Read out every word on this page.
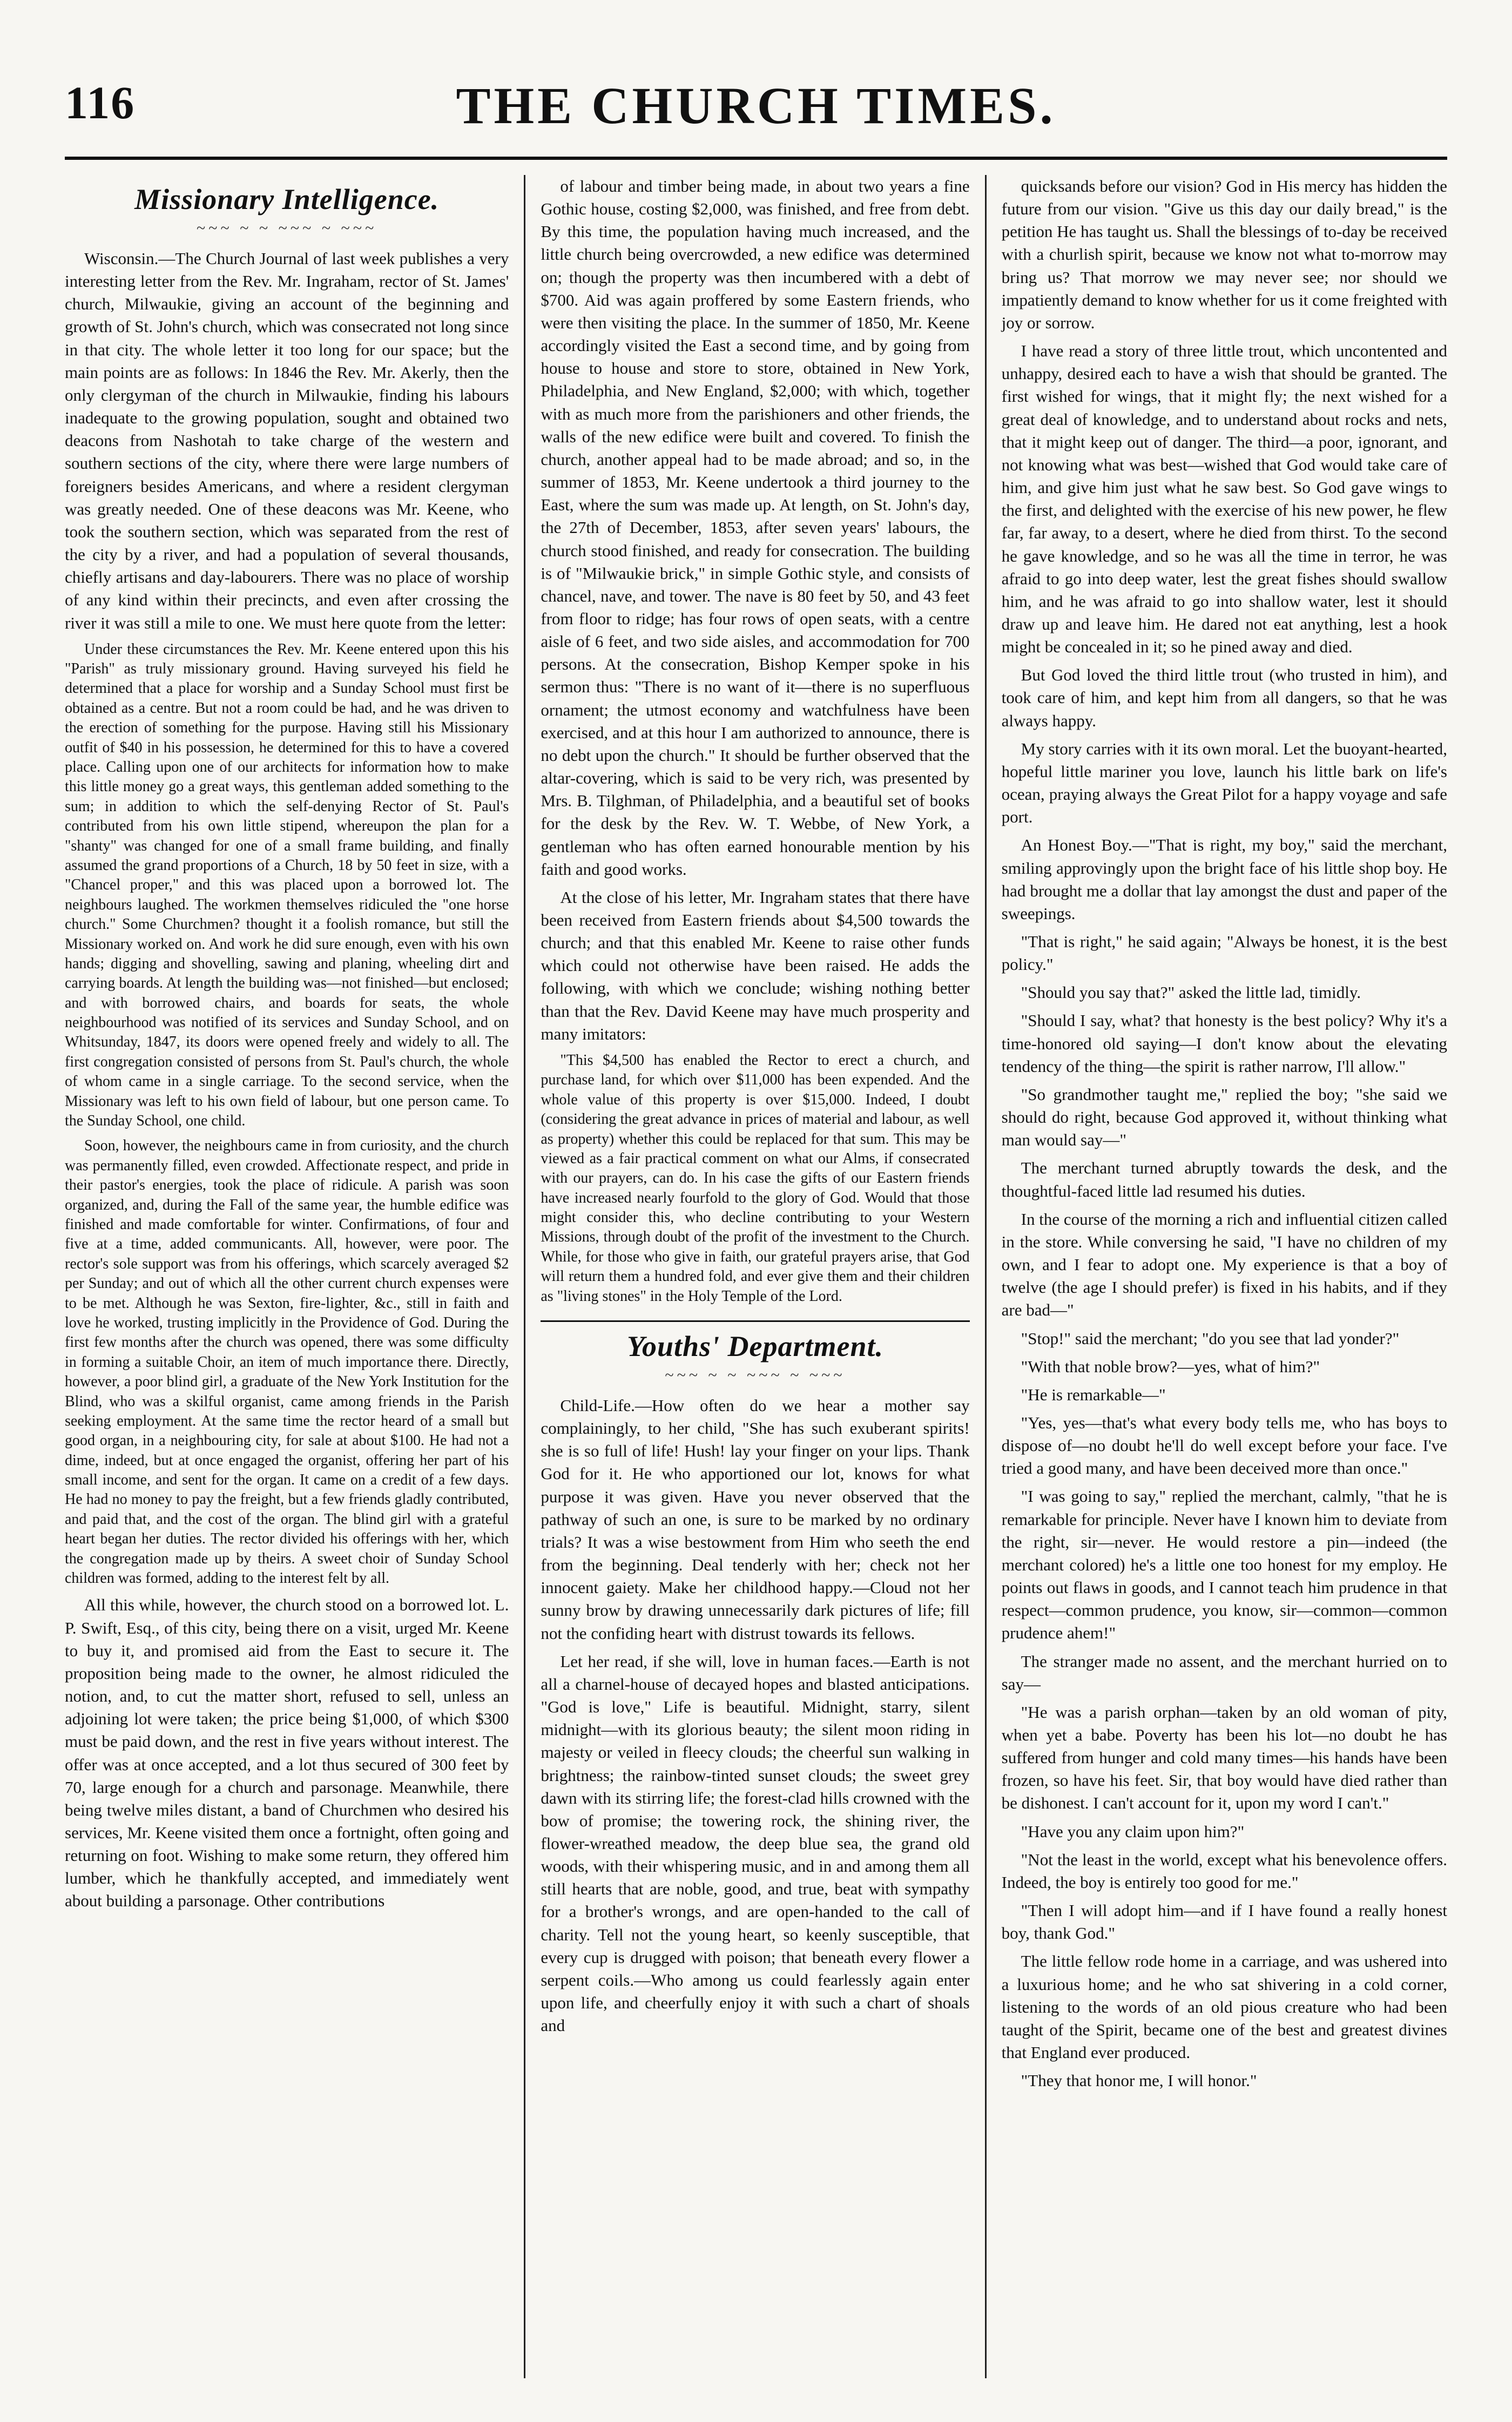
116	THE CHURCH TIMES.
Missionary Intelligence.
~~~ ~ ~ ~~~ ~ ~~~

Wisconsin.—The Church Journal of last week publishes a very interesting letter from the Rev. Mr. Ingraham, rector of St. James' church, Milwaukie, giving an account of the beginning and growth of St. John's church, which was consecrated not long since in that city. The whole letter it too long for our space; but the main points are as follows: In 1846 the Rev. Mr. Akerly, then the only clergyman of the church in Milwaukie, finding his labours inadequate to the growing population, sought and obtained two deacons from Nashotah to take charge of the western and southern sections of the city, where there were large numbers of foreigners besides Americans, and where a resident clergyman was greatly needed. One of these deacons was Mr. Keene, who took the southern section, which was separated from the rest of the city by a river, and had a population of several thousands, chiefly artisans and day-labourers. There was no place of worship of any kind within their precincts, and even after crossing the river it was still a mile to one. We must here quote from the letter:

Under these circumstances the Rev. Mr. Keene entered upon this his "Parish" as truly missionary ground. Having surveyed his field he determined that a place for worship and a Sunday School must first be obtained as a centre. But not a room could be had, and he was driven to the erection of something for the purpose. Having still his Missionary outfit of $40 in his possession, he determined for this to have a covered place. Calling upon one of our architects for information how to make this little money go a great ways, this gentleman added something to the sum; in addition to which the self-denying Rector of St. Paul's contributed from his own little stipend, whereupon the plan for a "shanty" was changed for one of a small frame building, and finally assumed the grand proportions of a Church, 18 by 50 feet in size, with a "Chancel proper," and this was placed upon a borrowed lot. The neighbours laughed. The workmen themselves ridiculed the "one horse church." Some Churchmen? thought it a foolish romance, but still the Missionary worked on. And work he did sure enough, even with his own hands; digging and shovelling, sawing and planing, wheeling dirt and carrying boards. At length the building was—not finished—but enclosed; and with borrowed chairs, and boards for seats, the whole neighbourhood was notified of its services and Sunday School, and on Whitsunday, 1847, its doors were opened freely and widely to all. The first congregation consisted of persons from St. Paul's church, the whole of whom came in a single carriage. To the second service, when the Missionary was left to his own field of labour, but one person came. To the Sunday School, one child.

Soon, however, the neighbours came in from curiosity, and the church was permanently filled, even crowded. Affectionate respect, and pride in their pastor's energies, took the place of ridicule. A parish was soon organized, and, during the Fall of the same year, the humble edifice was finished and made comfortable for winter. Confirmations, of four and five at a time, added communicants. All, however, were poor. The rector's sole support was from his offerings, which scarcely averaged $2 per Sunday; and out of which all the other current church expenses were to be met. Although he was Sexton, fire-lighter, &c., still in faith and love he worked, trusting implicitly in the Providence of God. During the first few months after the church was opened, there was some difficulty in forming a suitable Choir, an item of much importance there. Directly, however, a poor blind girl, a graduate of the New York Institution for the Blind, who was a skilful organist, came among friends in the Parish seeking employment. At the same time the rector heard of a small but good organ, in a neighbouring city, for sale at about $100. He had not a dime, indeed, but at once engaged the organist, offering her part of his small income, and sent for the organ. It came on a credit of a few days. He had no money to pay the freight, but a few friends gladly contributed, and paid that, and the cost of the organ. The blind girl with a grateful heart began her duties. The rector divided his offerings with her, which the congregation made up by theirs. A sweet choir of Sunday School children was formed, adding to the interest felt by all.

All this while, however, the church stood on a borrowed lot. L. P. Swift, Esq., of this city, being there on a visit, urged Mr. Keene to buy it, and promised aid from the East to secure it. The proposition being made to the owner, he almost ridiculed the notion, and, to cut the matter short, refused to sell, unless an adjoining lot were taken; the price being $1,000, of which $300 must be paid down, and the rest in five years without interest. The offer was at once accepted, and a lot thus secured of 300 feet by 70, large enough for a church and parsonage. Meanwhile, there being twelve miles distant, a band of Churchmen who desired his services, Mr. Keene visited them once a fortnight, often going and returning on foot. Wishing to make some return, they offered him lumber, which he thankfully accepted, and immediately went about building a parsonage. Other contributions

of labour and timber being made, in about two years a fine Gothic house, costing $2,000, was finished, and free from debt. By this time, the population having much increased, and the little church being overcrowded, a new edifice was determined on; though the property was then incumbered with a debt of $700. Aid was again proffered by some Eastern friends, who were then visiting the place. In the summer of 1850, Mr. Keene accordingly visited the East a second time, and by going from house to house and store to store, obtained in New York, Philadelphia, and New England, $2,000; with which, together with as much more from the parishioners and other friends, the walls of the new edifice were built and covered. To finish the church, another appeal had to be made abroad; and so, in the summer of 1853, Mr. Keene undertook a third journey to the East, where the sum was made up. At length, on St. John's day, the 27th of December, 1853, after seven years' labours, the church stood finished, and ready for consecration. The building is of "Milwaukie brick," in simple Gothic style, and consists of chancel, nave, and tower. The nave is 80 feet by 50, and 43 feet from floor to ridge; has four rows of open seats, with a centre aisle of 6 feet, and two side aisles, and accommodation for 700 persons. At the consecration, Bishop Kemper spoke in his sermon thus: "There is no want of it—there is no superfluous ornament; the utmost economy and watchfulness have been exercised, and at this hour I am authorized to announce, there is no debt upon the church." It should be further observed that the altar-covering, which is said to be very rich, was presented by Mrs. B. Tilghman, of Philadelphia, and a beautiful set of books for the desk by the Rev. W. T. Webbe, of New York, a gentleman who has often earned honourable mention by his faith and good works.

At the close of his letter, Mr. Ingraham states that there have been received from Eastern friends about $4,500 towards the church; and that this enabled Mr. Keene to raise other funds which could not otherwise have been raised. He adds the following, with which we conclude; wishing nothing better than that the Rev. David Keene may have much prosperity and many imitators:

"This $4,500 has enabled the Rector to erect a church, and purchase land, for which over $11,000 has been expended. And the whole value of this property is over $15,000. Indeed, I doubt (considering the great advance in prices of material and labour, as well as property) whether this could be replaced for that sum. This may be viewed as a fair practical comment on what our Alms, if consecrated with our prayers, can do. In his case the gifts of our Eastern friends have increased nearly fourfold to the glory of God. Would that those might consider this, who decline contributing to your Western Missions, through doubt of the profit of the investment to the Church. While, for those who give in faith, our grateful prayers arise, that God will return them a hundred fold, and ever give them and their children as "living stones" in the Holy Temple of the Lord.

Youths' Department.
~~~ ~ ~ ~~~ ~ ~~~

Child-Life.—How often do we hear a mother say complainingly, to her child, "She has such exuberant spirits! she is so full of life! Hush! lay your finger on your lips. Thank God for it. He who apportioned our lot, knows for what purpose it was given. Have you never observed that the pathway of such an one, is sure to be marked by no ordinary trials? It was a wise bestowment from Him who seeth the end from the beginning. Deal tenderly with her; check not her innocent gaiety. Make her childhood happy.—Cloud not her sunny brow by drawing unnecessarily dark pictures of life; fill not the confiding heart with distrust towards its fellows.

Let her read, if she will, love in human faces.—Earth is not all a charnel-house of decayed hopes and blasted anticipations. "God is love," Life is beautiful. Midnight, starry, silent midnight—with its glorious beauty; the silent moon riding in majesty or veiled in fleecy clouds; the cheerful sun walking in brightness; the rainbow-tinted sunset clouds; the sweet grey dawn with its stirring life; the forest-clad hills crowned with the bow of promise; the towering rock, the shining river, the flower-wreathed meadow, the deep blue sea, the grand old woods, with their whispering music, and in and among them all still hearts that are noble, good, and true, beat with sympathy for a brother's wrongs, and are open-handed to the call of charity. Tell not the young heart, so keenly susceptible, that every cup is drugged with poison; that beneath every flower a serpent coils.—Who among us could fearlessly again enter upon life, and cheerfully enjoy it with such a chart of shoals and

quicksands before our vision? God in His mercy has hidden the future from our vision. "Give us this day our daily bread," is the petition He has taught us. Shall the blessings of to-day be received with a churlish spirit, because we know not what to-morrow may bring us? That morrow we may never see; nor should we impatiently demand to know whether for us it come freighted with joy or sorrow.

I have read a story of three little trout, which uncontented and unhappy, desired each to have a wish that should be granted. The first wished for wings, that it might fly; the next wished for a great deal of knowledge, and to understand about rocks and nets, that it might keep out of danger. The third—a poor, ignorant, and not knowing what was best—wished that God would take care of him, and give him just what he saw best. So God gave wings to the first, and delighted with the exercise of his new power, he flew far, far away, to a desert, where he died from thirst. To the second he gave knowledge, and so he was all the time in terror, he was afraid to go into deep water, lest the great fishes should swallow him, and he was afraid to go into shallow water, lest it should draw up and leave him. He dared not eat anything, lest a hook might be concealed in it; so he pined away and died.

But God loved the third little trout (who trusted in him), and took care of him, and kept him from all dangers, so that he was always happy.

My story carries with it its own moral. Let the buoyant-hearted, hopeful little mariner you love, launch his little bark on life's ocean, praying always the Great Pilot for a happy voyage and safe port.

An Honest Boy.—"That is right, my boy," said the merchant, smiling approvingly upon the bright face of his little shop boy. He had brought me a dollar that lay amongst the dust and paper of the sweepings.

"That is right," he said again; "Always be honest, it is the best policy."

"Should you say that?" asked the little lad, timidly.

"Should I say, what? that honesty is the best policy? Why it's a time-honored old saying—I don't know about the elevating tendency of the thing—the spirit is rather narrow, I'll allow."

"So grandmother taught me," replied the boy; "she said we should do right, because God approved it, without thinking what man would say—"

The merchant turned abruptly towards the desk, and the thoughtful-faced little lad resumed his duties.

In the course of the morning a rich and influential citizen called in the store. While conversing he said, "I have no children of my own, and I fear to adopt one. My experience is that a boy of twelve (the age I should prefer) is fixed in his habits, and if they are bad—"

"Stop!" said the merchant; "do you see that lad yonder?"

"With that noble brow?—yes, what of him?"

"He is remarkable—"

"Yes, yes—that's what every body tells me, who has boys to dispose of—no doubt he'll do well except before your face. I've tried a good many, and have been deceived more than once."

"I was going to say," replied the merchant, calmly, "that he is remarkable for principle. Never have I known him to deviate from the right, sir—never. He would restore a pin—indeed (the merchant colored) he's a little one too honest for my employ. He points out flaws in goods, and I cannot teach him prudence in that respect—common prudence, you know, sir—common—common prudence ahem!"

The stranger made no assent, and the merchant hurried on to say—

"He was a parish orphan—taken by an old woman of pity, when yet a babe. Poverty has been his lot—no doubt he has suffered from hunger and cold many times—his hands have been frozen, so have his feet. Sir, that boy would have died rather than be dishonest. I can't account for it, upon my word I can't."

"Have you any claim upon him?"

"Not the least in the world, except what his benevolence offers. Indeed, the boy is entirely too good for me."

"Then I will adopt him—and if I have found a really honest boy, thank God."

The little fellow rode home in a carriage, and was ushered into a luxurious home; and he who sat shivering in a cold corner, listening to the words of an old pious creature who had been taught of the Spirit, became one of the best and greatest divines that England ever produced.

"They that honor me, I will honor."
